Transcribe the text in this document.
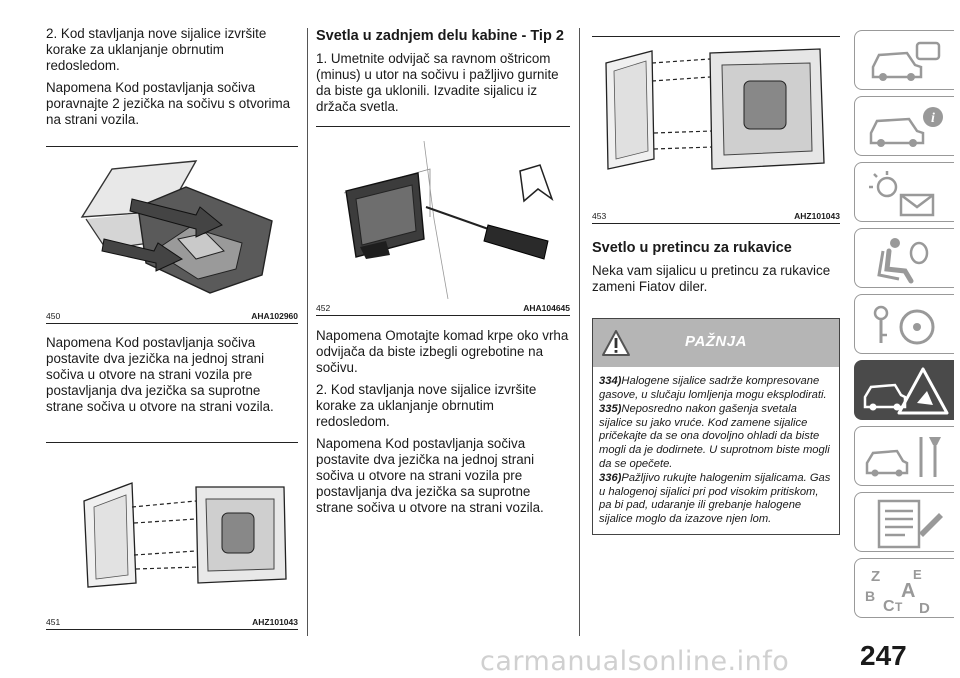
2. Kod stavljanja nove sijalice izvršite korake za uklanjanje obrnutim redosledom.

Napomena Kod postavljanja sočiva poravnajte 2 jezička na sočivu s otvorima na strani vozila.

450	AHA102960

Napomena Kod postavljanja sočiva postavite dva jezička na jednoj strani sočiva u otvore na strani vozila pre postavljanja dva jezička sa suprotne strane sočiva u otvore na strani vozila.

451	AHZ101043
Svetla u zadnjem delu kabine - Tip 2

1. Umetnite odvijač sa ravnom oštricom (minus) u utor na sočivu i pažljivo gurnite da biste ga uklonili. Izvadite sijalicu iz držača svetla.

452	AHA104645

Napomena Omotajte komad krpe oko vrha odvijača da biste izbegli ogrebotine na sočivu.

2. Kod stavljanja nove sijalice izvršite korake za uklanjanje obrnutim redosledom.

Napomena Kod postavljanja sočiva postavite dva jezička na jednoj strani sočiva u otvore na strani vozila pre postavljanja dva jezička sa suprotne strane sočiva u otvore na strani vozila.

453	AHZ101043
Svetlo u pretincu za rukavice

Neka vam sijalicu u pretincu za rukavice zameni Fiatov diler.

PAŽNJA
334)Halogene sijalice sadrže kompresovane gasove, u slučaju lomljenja mogu eksplodirati.
335)Neposredno nakon gašenja svetala sijalice su jako vruće. Kod zamene sijalice pričekajte da se ona dovoljno ohladi da biste mogli da je dodirnete. U suprotnom biste mogli da se opečete.
336)Pažljivo rukujte halogenim sijalicama. Gas u halogenoj sijalici pri pod visokim pritiskom, pa bi pad, udaranje ili grebanje halogene sijalice moglo da izazove njen lom.
i
Z	E
A
B
C T D
carmanualsonline.info	247
